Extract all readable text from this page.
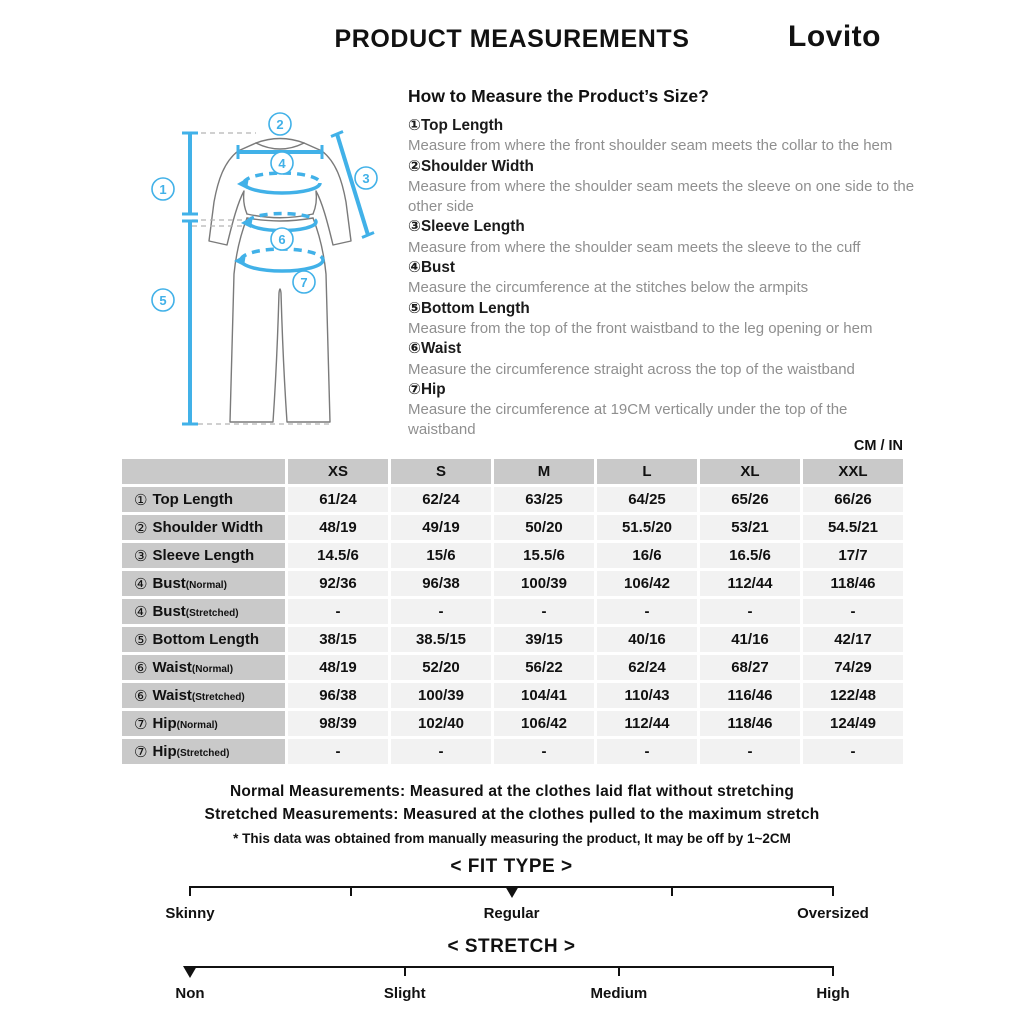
PRODUCT MEASUREMENTS	Lovito
1
2
3
4
5
6
7
How to Measure the Product’s Size?
①Top Length
Measure from where the front shoulder seam meets the collar to the hem
②Shoulder Width
Measure from where the shoulder seam meets the sleeve on one side to the other side
③Sleeve Length
Measure from where the shoulder seam meets the sleeve to the cuff
④Bust
Measure the circumference at the stitches below the armpits
⑤Bottom Length
Measure from the top of the front waistband to the leg opening or hem
⑥Waist
Measure the circumference straight across the top of the waistband
⑦Hip
Measure the circumference at 19CM vertically under the top of the waistband
CM / IN
XS	S	M	L	XL	XXL
① Top Length	61/24	62/24	63/25	64/25	65/26	66/26
② Shoulder Width	48/19	49/19	50/20	51.5/20	53/21	54.5/21
③ Sleeve Length	14.5/6	15/6	15.5/6	16/6	16.5/6	17/7
④ Bust (Normal)	92/36	96/38	100/39	106/42	112/44	118/46
④ Bust (Stretched)	-	-	-	-	-	-
⑤ Bottom Length	38/15	38.5/15	39/15	40/16	41/16	42/17
⑥ Waist (Normal)	48/19	52/20	56/22	62/24	68/27	74/29
⑥ Waist (Stretched)	96/38	100/39	104/41	110/43	116/46	122/48
⑦ Hip (Normal)	98/39	102/40	106/42	112/44	118/46	124/49
⑦ Hip (Stretched)	-	-	-	-	-	-
Normal Measurements: Measured at the clothes laid flat without stretching
Stretched Measurements: Measured at the clothes pulled to the maximum stretch
* This data was obtained from manually measuring the product, It may be off by 1~2CM
< FIT TYPE >
Skinny	Regular	Oversized
< STRETCH >
Non	Slight	Medium	High
